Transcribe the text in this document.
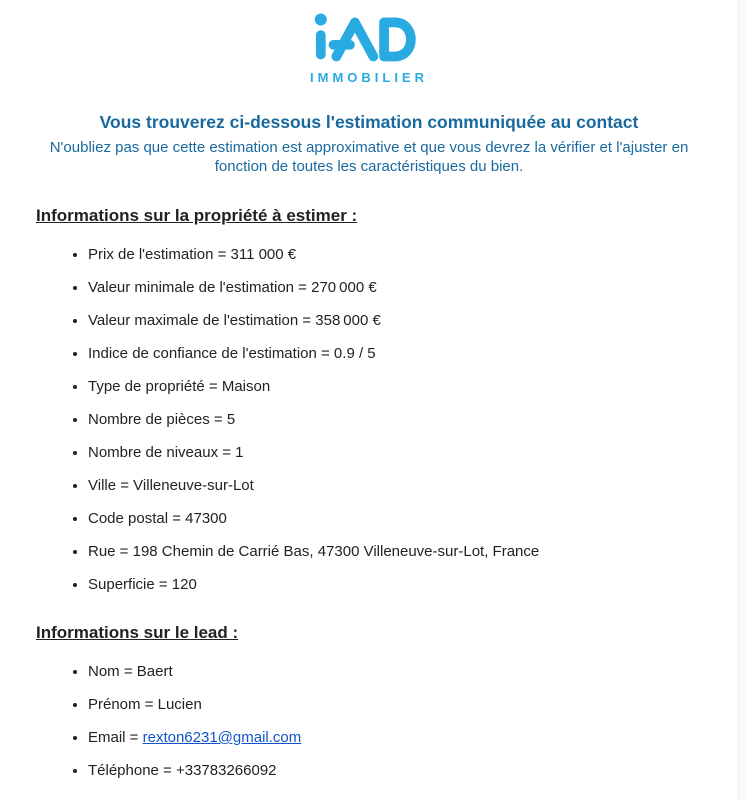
IMMOBILIER
Vous trouverez ci-dessous l'estimation communiquée au contact
N'oubliez pas que cette estimation est approximative et que vous devrez la vérifier et l'ajuster en fonction de toutes les caractéristiques du bien.
Informations sur la propriété à estimer :
• Prix de l'estimation = 311 000 €
• Valeur minimale de l'estimation = 270 000 €
• Valeur maximale de l'estimation = 358 000 €
• Indice de confiance de l'estimation = 0.9 / 5
• Type de propriété = Maison
• Nombre de pièces = 5
• Nombre de niveaux = 1
• Ville = Villeneuve-sur-Lot
• Code postal = 47300
• Rue = 198 Chemin de Carrié Bas, 47300 Villeneuve-sur-Lot, France
• Superficie = 120
Informations sur le lead :
• Nom = Baert
• Prénom = Lucien
• Email = rexton6231@gmail.com
• Téléphone = +33783266092
